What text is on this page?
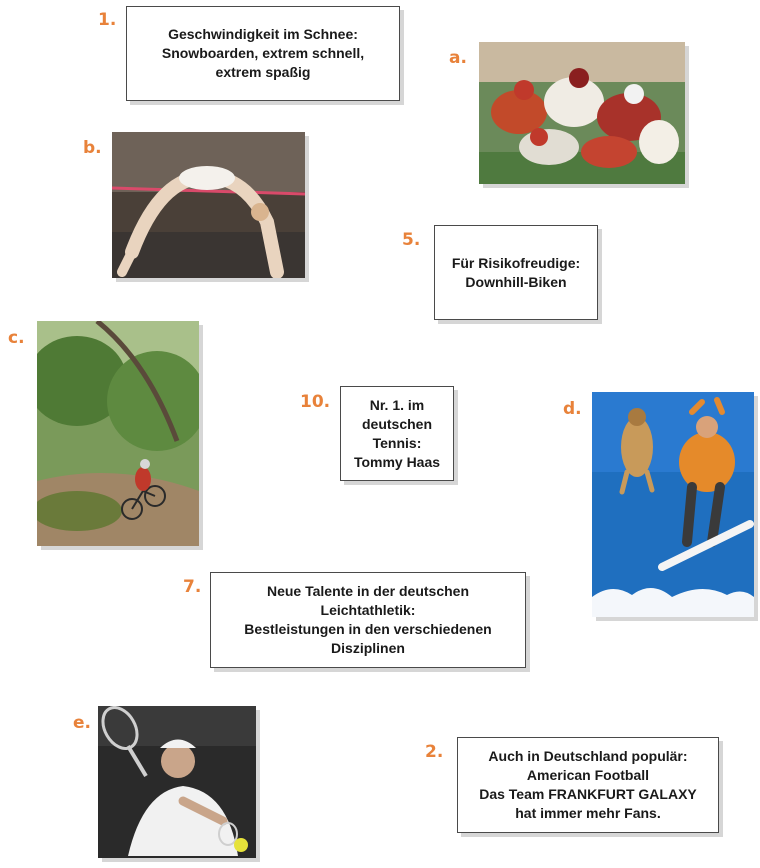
1.
Geschwindigkeit im Schnee:
Snowboarden, extrem schnell,
extrem spaßig
5.
Für Risikofreudige:
Downhill-Biken
10.	Nr. 1. im
deutschen
Tennis:
Tommy Haas
7.	Neue Talente in der deutschen
Leichtathletik:
Bestleistungen in den verschiedenen
Disziplinen
2.	Auch in Deutschland populär:
American Football
Das Team FRANKFURT GALAXY
hat immer mehr Fans.
a.
b.
c.
d.
e.
